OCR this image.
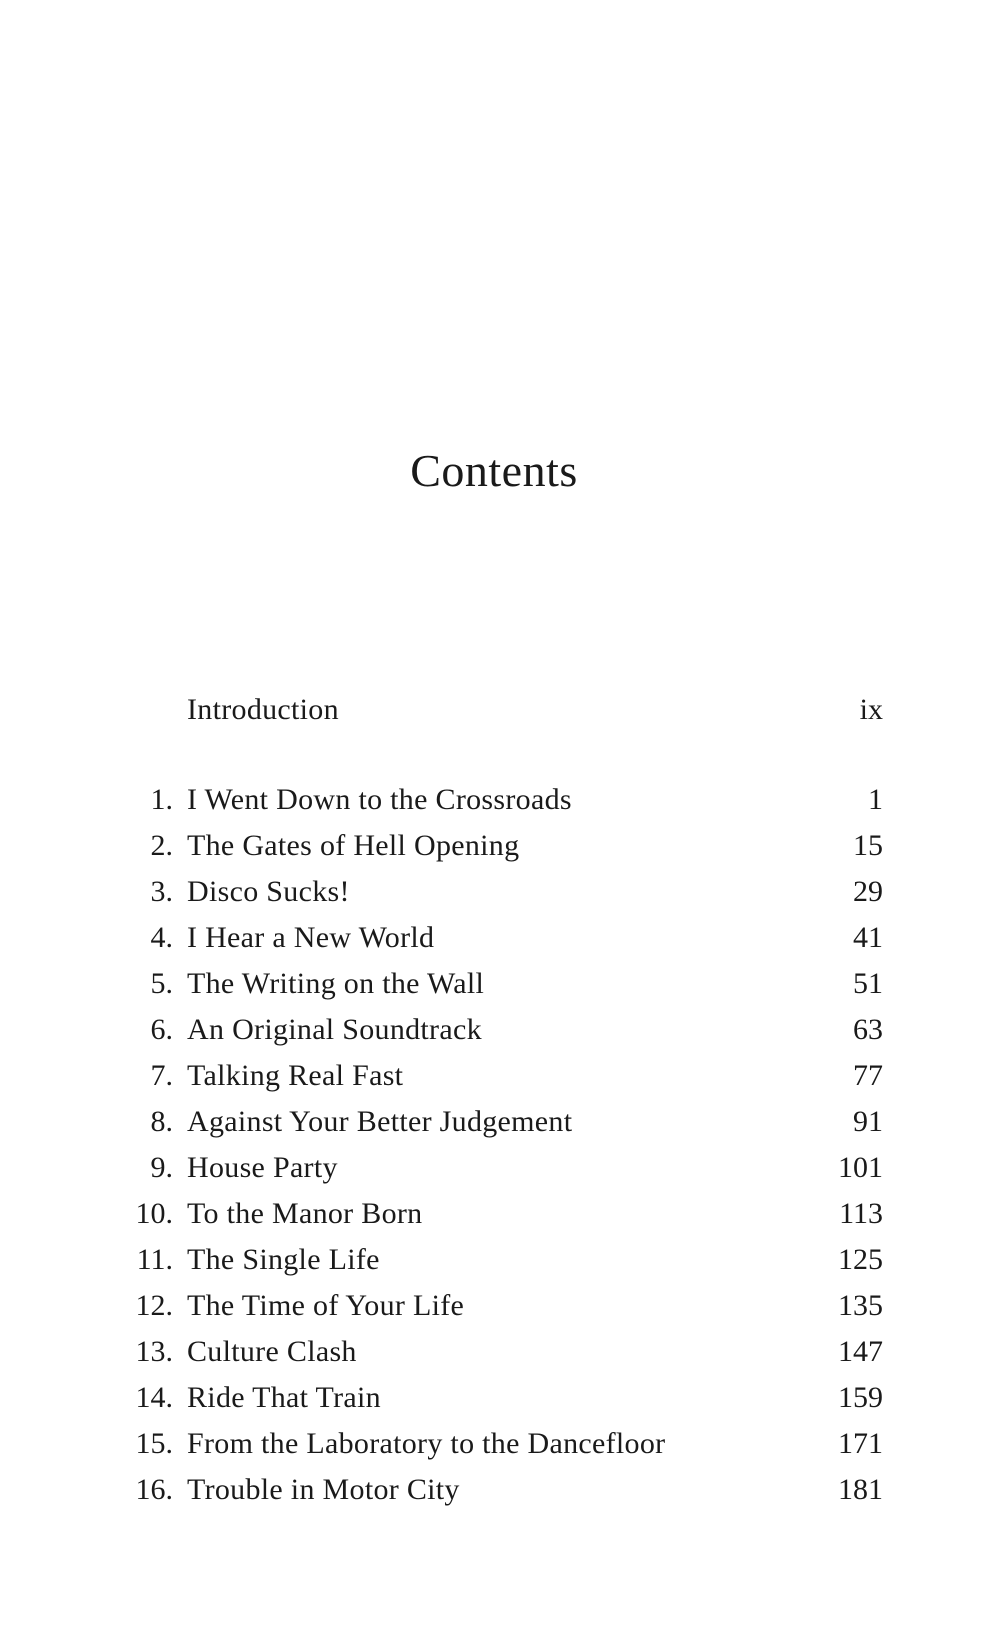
Contents
Introduction	ix
1. I Went Down to the Crossroads	1
2. The Gates of Hell Opening	15
3. Disco Sucks!	29
4. I Hear a New World	41
5. The Writing on the Wall	51
6. An Original Soundtrack	63
7. Talking Real Fast	77
8. Against Your Better Judgement	91
9. House Party	101
10. To the Manor Born	113
11. The Single Life	125
12. The Time of Your Life	135
13. Culture Clash	147
14. Ride That Train	159
15. From the Laboratory to the Dancefloor	171
16. Trouble in Motor City	181
